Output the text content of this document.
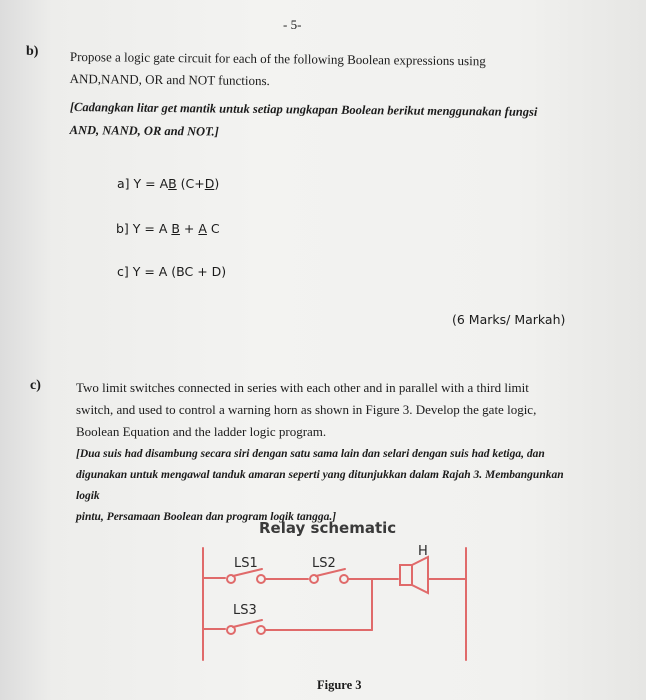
- 5-
b) Propose a logic gate circuit for each of the following Boolean expressions using
AND,NAND, OR and NOT functions.
[Cadangkan litar get mantik untuk setiap ungkapan Boolean berikut menggunakan fungsi
AND, NAND, OR and NOT.]
a] Y = AB (C+D)
b] Y = A B + A C
c] Y = A (BC + D)
(6 Marks/ Markah)
c)	Two limit switches connected in series with each other and in parallel with a third limit
switch, and used to control a warning horn as shown in Figure 3. Develop the gate logic,
Boolean Equation and the ladder logic program.
[Dua suis had disambung secara siri dengan satu sama lain dan selari dengan suis had ketiga, dan
digunakan untuk mengawal tanduk amaran seperti yang ditunjukkan dalam Rajah 3. Membangunkan logik
pintu, Persamaan Boolean dan program logik tangga.]
Relay schematic
LS1	LS2
LS3
H
Figure 3
